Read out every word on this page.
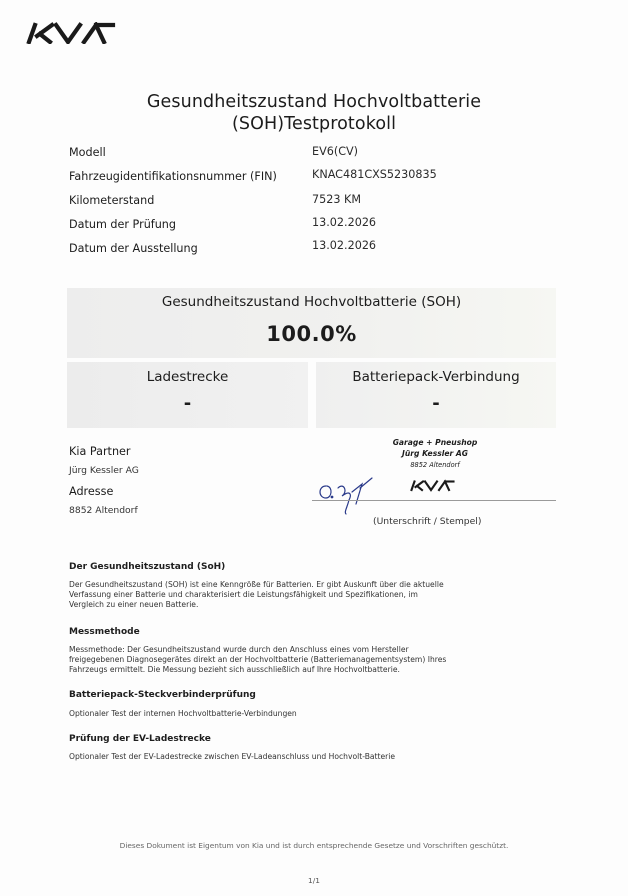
Gesundheitszustand Hochvoltbatterie
(SOH)Testprotokoll
Modell	EV6(CV)
Fahrzeugidentifikationsnummer (FIN)	KNAC481CXS5230835
Kilometerstand	7523 KM
Datum der Prüfung	13.02.2026
Datum der Ausstellung	13.02.2026
Gesundheitszustand Hochvoltbatterie (SOH)
100.0%
Ladestrecke
-
Batteriepack-Verbindung
-
Kia Partner
Jürg Kessler AG
Adresse
8852 Altendorf
Garage + Pneushop
Jürg Kessler AG
8852 Altendorf
(Unterschrift / Stempel)
Der Gesundheitszustand (SoH)
Der Gesundheitszustand (SOH) ist eine Kenngröße für Batterien. Er gibt Auskunft über die aktuelle
Verfassung einer Batterie und charakterisiert die Leistungsfähigkeit und Spezifikationen, im
Vergleich zu einer neuen Batterie.
Messmethode
Messmethode: Der Gesundheitszustand wurde durch den Anschluss eines vom Hersteller
freigegebenen Diagnosegerätes direkt an der Hochvoltbatterie (Batteriemanagementsystem) Ihres
Fahrzeugs ermittelt. Die Messung bezieht sich ausschließlich auf Ihre Hochvoltbatterie.
Batteriepack-Steckverbinderprüfung
Optionaler Test der internen Hochvoltbatterie-Verbindungen
Prüfung der EV-Ladestrecke
Optionaler Test der EV-Ladestrecke zwischen EV-Ladeanschluss und Hochvolt-Batterie
Dieses Dokument ist Eigentum von Kia und ist durch entsprechende Gesetze und Vorschriften geschützt.
1/1
